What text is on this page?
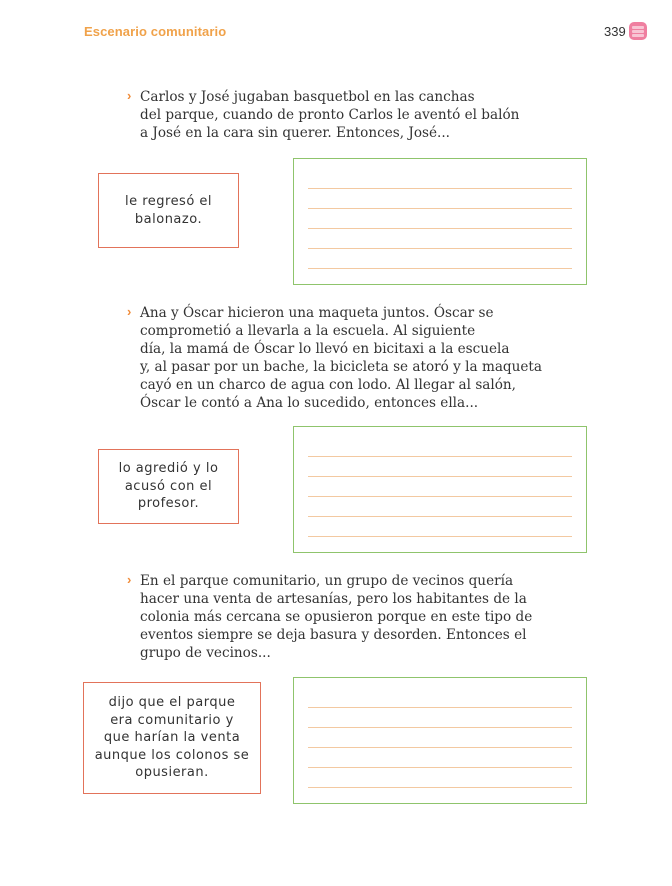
Escenario comunitario	339
› Carlos y José jugaban basquetbol en las canchas
del parque, cuando de pronto Carlos le aventó el balón
a José en la cara sin querer. Entonces, José...
le regresó el
balonazo.
› Ana y Óscar hicieron una maqueta juntos. Óscar se
comprometió a llevarla a la escuela. Al siguiente
día, la mamá de Óscar lo llevó en bicitaxi a la escuela
y, al pasar por un bache, la bicicleta se atoró y la maqueta
cayó en un charco de agua con lodo. Al llegar al salón,
Óscar le contó a Ana lo sucedido, entonces ella...
lo agredió y lo
acusó con el
profesor.
› En el parque comunitario, un grupo de vecinos quería
hacer una venta de artesanías, pero los habitantes de la
colonia más cercana se opusieron porque en este tipo de
eventos siempre se deja basura y desorden. Entonces el
grupo de vecinos...
dijo que el parque
era comunitario y
que harían la venta
aunque los colonos se
opusieran.
